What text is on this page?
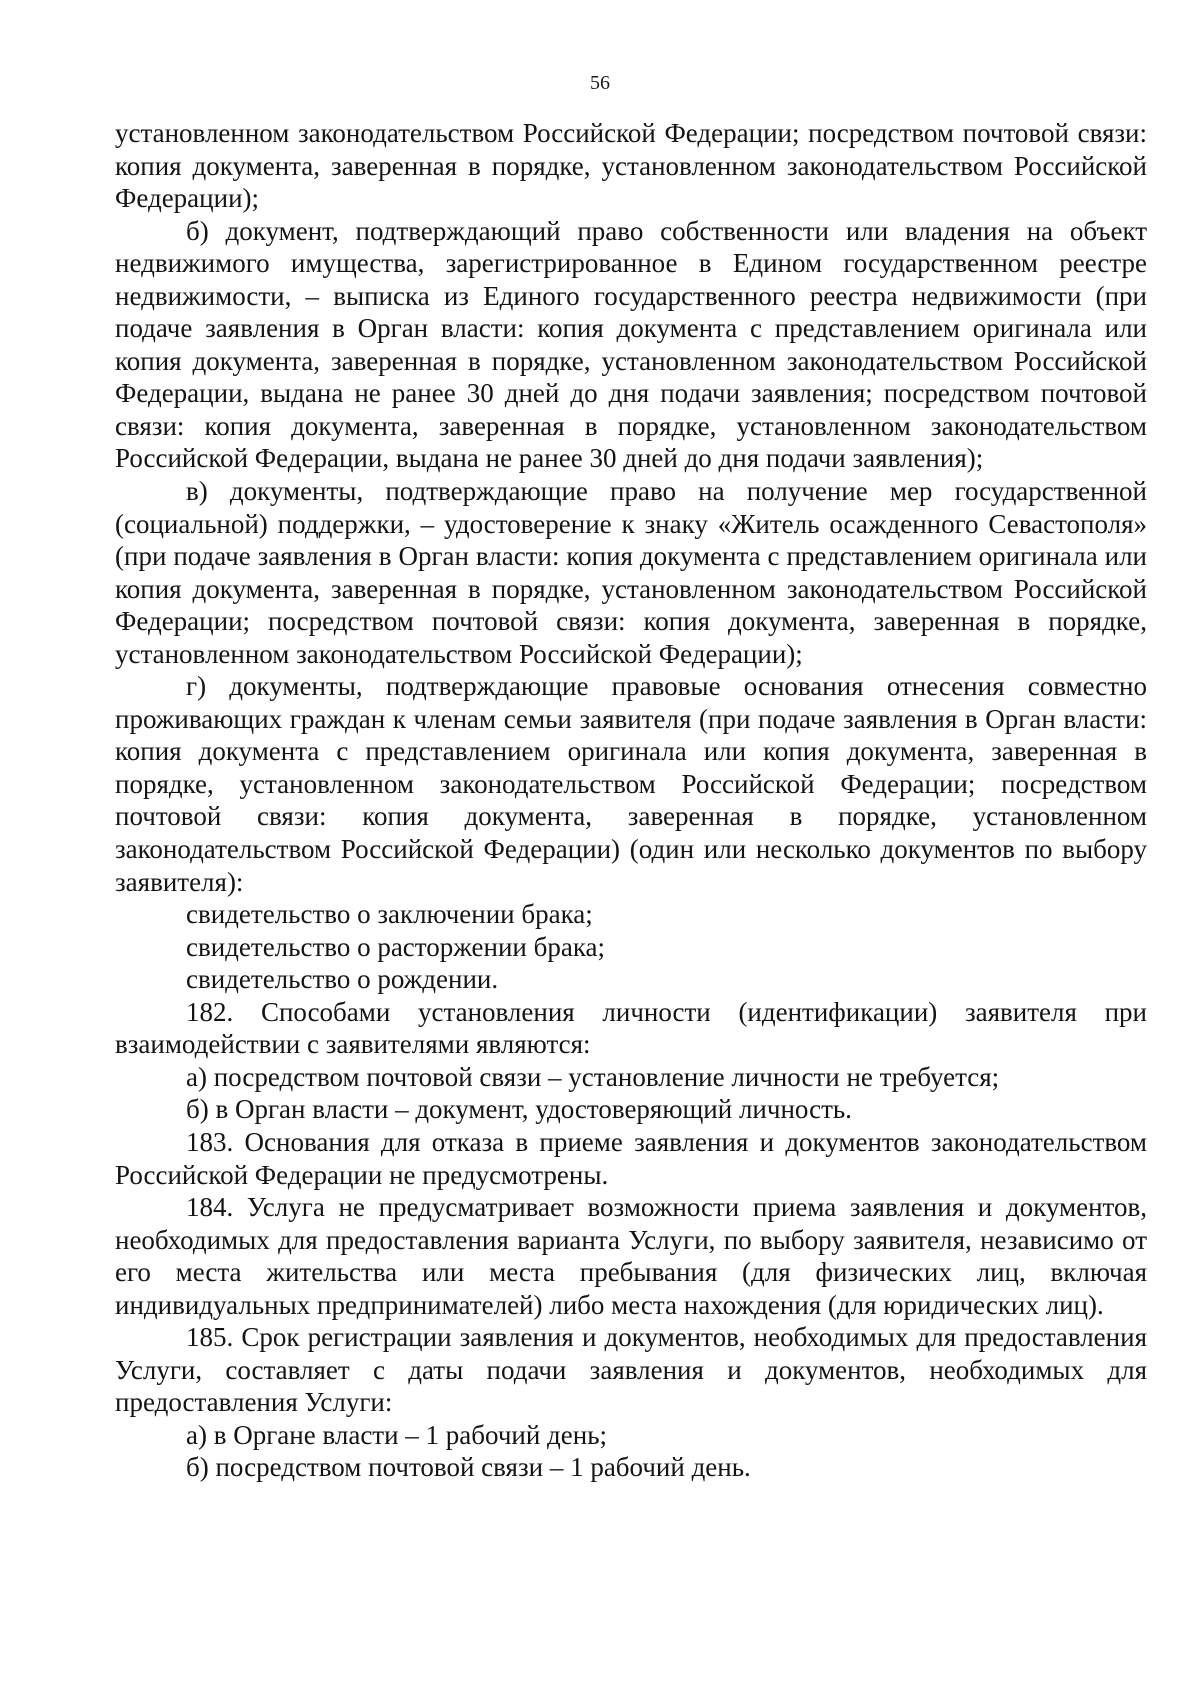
56

установленном законодательством Российской Федерации; посредством почтовой связи: копия документа, заверенная в порядке, установленном законодательством Российской Федерации);

б) документ, подтверждающий право собственности или владения на объект недвижимого имущества, зарегистрированное в Едином государственном реестре недвижимости, – выписка из Единого государственного реестра недвижимости (при подаче заявления в Орган власти: копия документа с представлением оригинала или копия документа, заверенная в порядке, установленном законодательством Российской Федерации, выдана не ранее 30 дней до дня подачи заявления; посредством почтовой связи: копия документа, заверенная в порядке, установленном законодательством Российской Федерации, выдана не ранее 30 дней до дня подачи заявления);

в) документы, подтверждающие право на получение мер государственной (социальной) поддержки, – удостоверение к знаку «Житель осажденного Севастополя» (при подаче заявления в Орган власти: копия документа с представлением оригинала или копия документа, заверенная в порядке, установленном законодательством Российской Федерации; посредством почтовой связи: копия документа, заверенная в порядке, установленном законодательством Российской Федерации);

г) документы, подтверждающие правовые основания отнесения совместно проживающих граждан к членам семьи заявителя (при подаче заявления в Орган власти: копия документа с представлением оригинала или копия документа, заверенная в порядке, установленном законодательством Российской Федерации; посредством почтовой связи: копия документа, заверенная в порядке, установленном законодательством Российской Федерации) (один или несколько документов по выбору заявителя):

свидетельство о заключении брака;

свидетельство о расторжении брака;

свидетельство о рождении.

182. Способами установления личности (идентификации) заявителя при взаимодействии с заявителями являются:

а) посредством почтовой связи – установление личности не требуется;

б) в Орган власти – документ, удостоверяющий личность.

183. Основания для отказа в приеме заявления и документов законодательством Российской Федерации не предусмотрены.

184. Услуга не предусматривает возможности приема заявления и документов, необходимых для предоставления варианта Услуги, по выбору заявителя, независимо от его места жительства или места пребывания (для физических лиц, включая индивидуальных предпринимателей) либо места нахождения (для юридических лиц).

185. Срок регистрации заявления и документов, необходимых для предоставления Услуги, составляет с даты подачи заявления и документов, необходимых для предоставления Услуги:

а) в Органе власти – 1 рабочий день;

б) посредством почтовой связи – 1 рабочий день.
